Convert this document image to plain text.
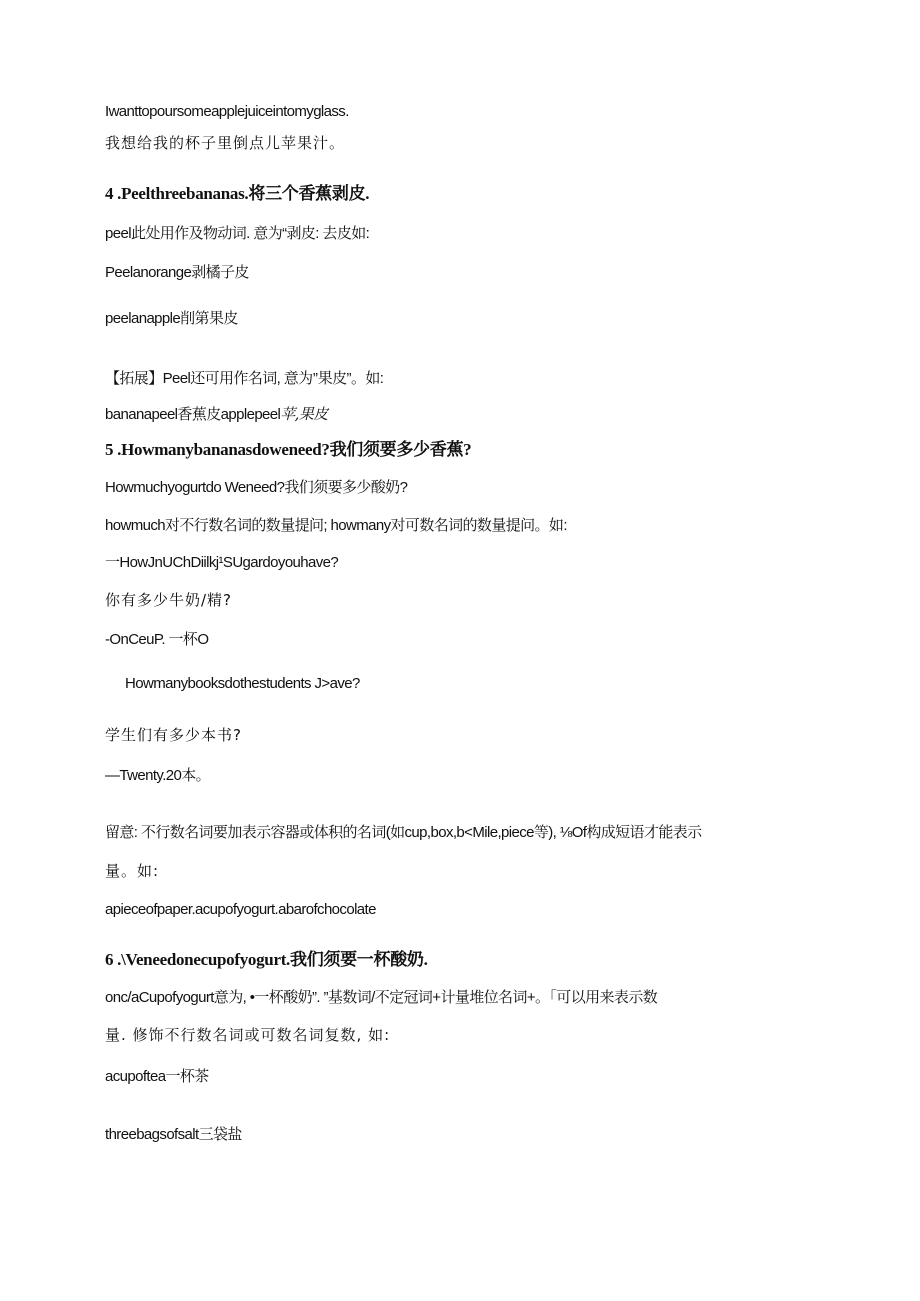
Iwanttopoursomeapplejuiceintomyglass.
我想给我的杯子里倒点儿苹果汁。
4 .Peelthreebananas.将三个香蕉剥皮.
peel此处用作及物动词. 意为“剥皮: 去皮如:
Peelanorange剥橘子皮
peelanapple削第果皮
【拓展】Peel还可用作名词, 意为’’果皮”。如:
bananapeel香蕉皮applepeel苹,果皮
5 .Howmanybananasdoweneed?我们须要多少香蕉?
Howmuchyogurtdo Weneed?我们须要多少酸奶?
howmuch对不行数名词的数量提问; howmany对可数名词的数量提问。如:
一HowJnUChDiilkj¹SUgardoyouhave?
你有多少牛奶/精?
-OnCeuP. 一杯O
Howmanybooksdothestudents J>ave?
学生们有多少本书?
—Twenty.20本。
留意: 不行数名词要加表示容器或体积的名词(如cup,box,b<Mile,piece等), ⅛Of构成短语才能表示
量。如:
apieceofpaper.acupofyogurt.abarofchocolate
6 .\Veneedonecupofyogurt.我们须要一杯酸奶.
onc/aCupofyogurt意为, •一杯酸奶”. ”基数词/不定冠词+计量堆位名词+。「可以用来表示数
量. 修饰不行数名词或可数名词复数, 如:
acupoftea一杯茶
threebagsofsalt三袋盐
